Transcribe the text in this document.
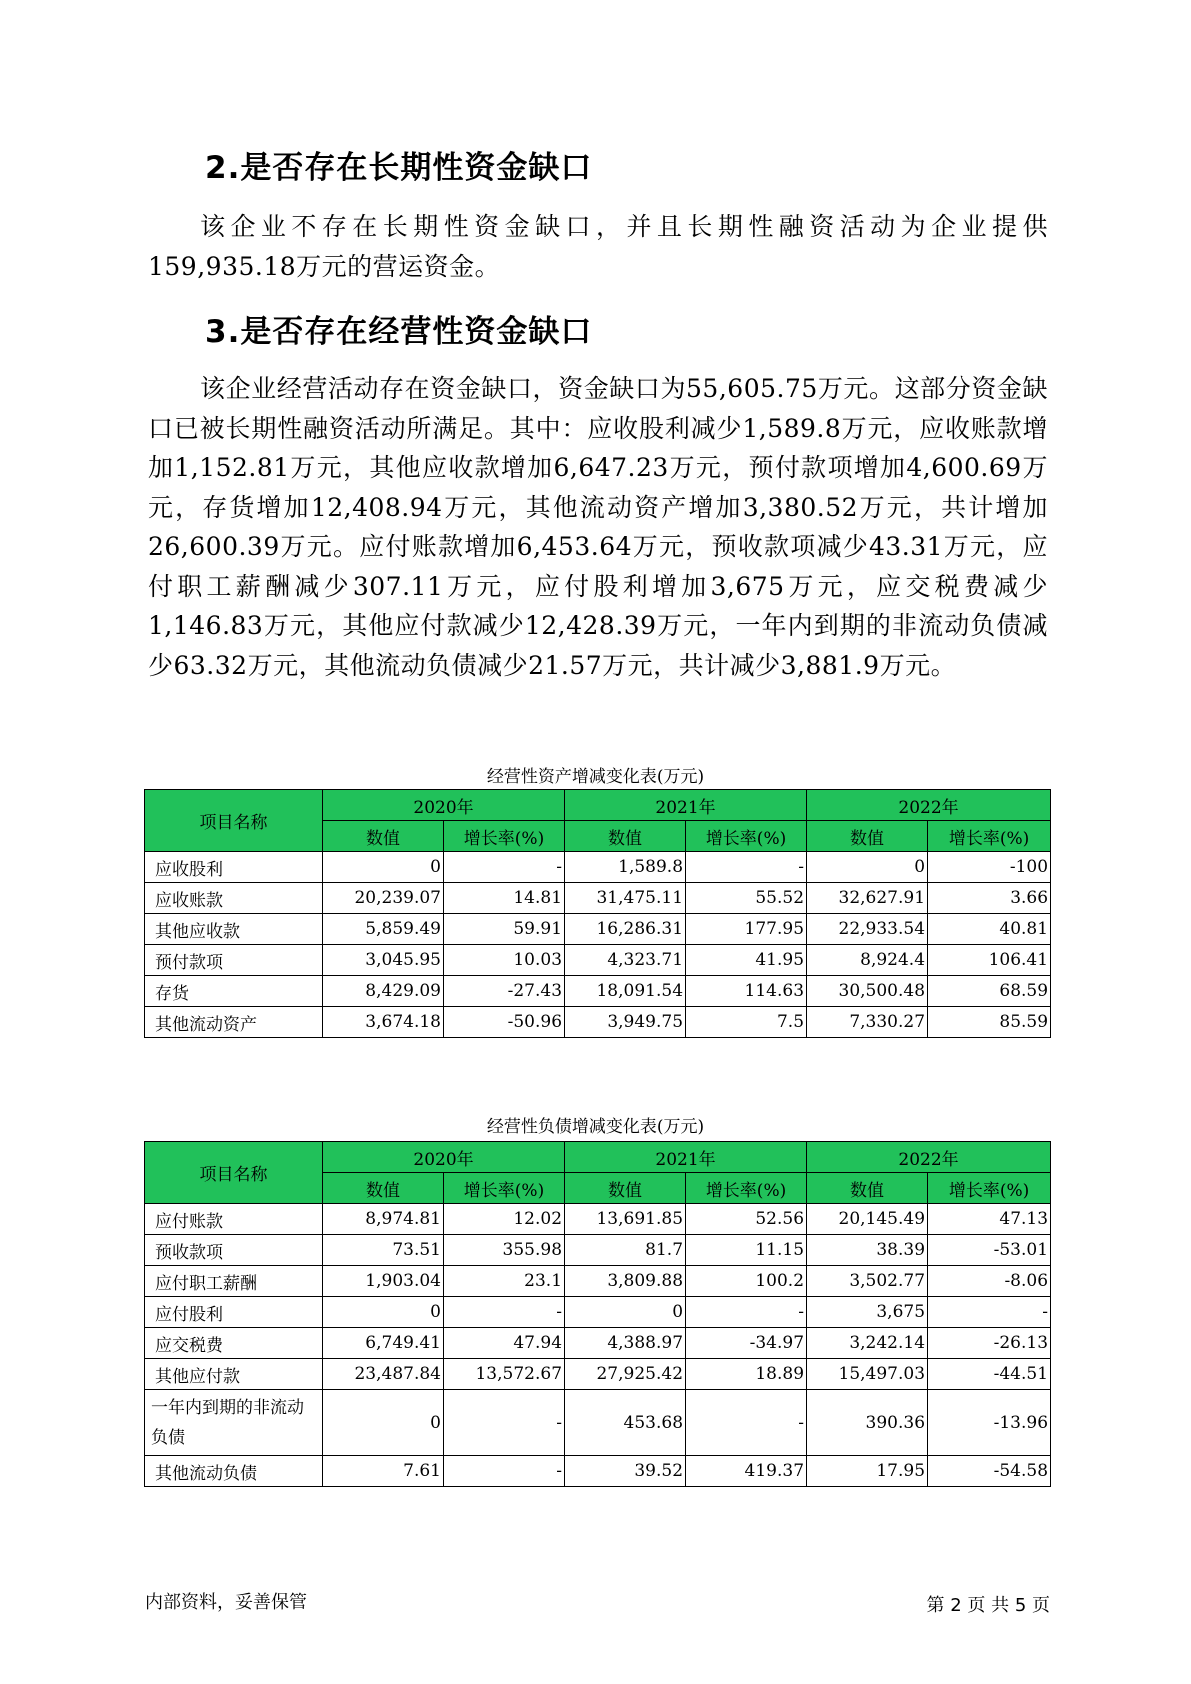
2.是否存在长期性资金缺口
该企业不存在长期性资金缺口，并且长期性融资活动为企业提供159,935.18万元的营运资金。
3.是否存在经营性资金缺口
该企业经营活动存在资金缺口，资金缺口为55,605.75万元。这部分资金缺口已被长期性融资活动所满足。其中：应收股利减少1,589.8万元，应收账款增加1,152.81万元，其他应收款增加6,647.23万元，预付款项增加4,600.69万元，存货增加12,408.94万元，其他流动资产增加3,380.52万元，共计增加26,600.39万元。应付账款增加6,453.64万元，预收款项减少43.31万元，应付职工薪酬减少307.11万元，应付股利增加3,675万元，应交税费减少1,146.83万元，其他应付款减少12,428.39万元，一年内到期的非流动负债减少63.32万元，其他流动负债减少21.57万元，共计减少3,881.9万元。
经营性资产增减变化表(万元)
项目名称	2020年		2021年		2022年	
	数值	增长率(%)	数值	增长率(%)	数值	增长率(%)
应收股利	0	-	1,589.8	-	0	-100
应收账款	20,239.07	14.81	31,475.11	55.52	32,627.91	3.66
其他应收款	5,859.49	59.91	16,286.31	177.95	22,933.54	40.81
预付款项	3,045.95	10.03	4,323.71	41.95	8,924.4	106.41
存货	8,429.09	-27.43	18,091.54	114.63	30,500.48	68.59
其他流动资产	3,674.18	-50.96	3,949.75	7.5	7,330.27	85.59
经营性负债增减变化表(万元)
项目名称	2020年		2021年		2022年	
	数值	增长率(%)	数值	增长率(%)	数值	增长率(%)
应付账款	8,974.81	12.02	13,691.85	52.56	20,145.49	47.13
预收款项	73.51	355.98	81.7	11.15	38.39	-53.01
应付职工薪酬	1,903.04	23.1	3,809.88	100.2	3,502.77	-8.06
应付股利	0	-	0	-	3,675	-
应交税费	6,749.41	47.94	4,388.97	-34.97	3,242.14	-26.13
其他应付款	23,487.84	13,572.67	27,925.42	18.89	15,497.03	-44.51
一年内到期的非流动负债	0	-	453.68	-	390.36	-13.96
其他流动负债	7.61	-	39.52	419.37	17.95	-54.58
内部资料，妥善保管	第 2 页 共 5 页
